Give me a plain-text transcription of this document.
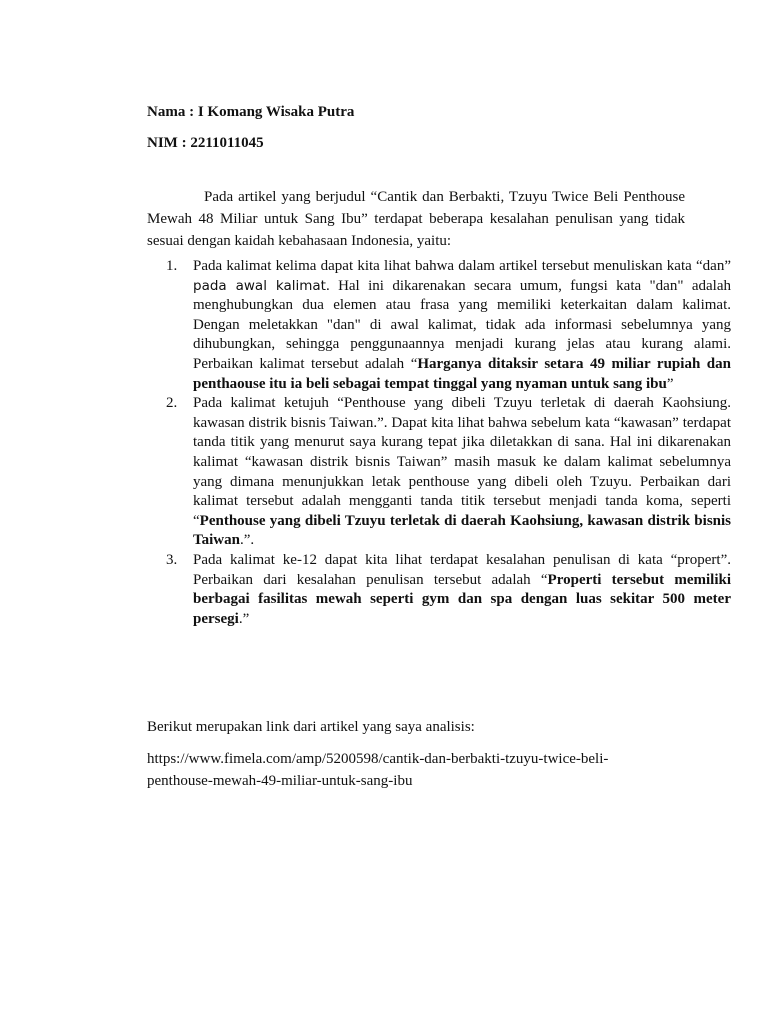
Nama : I Komang Wisaka Putra
NIM : 2211011045

Pada artikel yang berjudul “Cantik dan Berbakti, Tzuyu Twice Beli Penthouse Mewah 48 Miliar untuk Sang Ibu” terdapat beberapa kesalahan penulisan yang tidak sesuai dengan kaidah kebahasaan Indonesia, yaitu:

1. Pada kalimat kelima dapat kita lihat bahwa dalam artikel tersebut menuliskan kata “dan” pada awal kalimat. Hal ini dikarenakan secara umum, fungsi kata "dan" adalah menghubungkan dua elemen atau frasa yang memiliki keterkaitan dalam kalimat. Dengan meletakkan "dan" di awal kalimat, tidak ada informasi sebelumnya yang dihubungkan, sehingga penggunaannya menjadi kurang jelas atau kurang alami. Perbaikan kalimat tersebut adalah “Harganya ditaksir setara 49 miliar rupiah dan penthaouse itu ia beli sebagai tempat tinggal yang nyaman untuk sang ibu”
2. Pada kalimat ketujuh “Penthouse yang dibeli Tzuyu terletak di daerah Kaohsiung. kawasan distrik bisnis Taiwan.”. Dapat kita lihat bahwa sebelum kata “kawasan” terdapat tanda titik yang menurut saya kurang tepat jika diletakkan di sana. Hal ini dikarenakan kalimat “kawasan distrik bisnis Taiwan” masih masuk ke dalam kalimat sebelumnya yang dimana menunjukkan letak penthouse yang dibeli oleh Tzuyu. Perbaikan dari kalimat tersebut adalah mengganti tanda titik tersebut menjadi tanda koma, seperti “Penthouse yang dibeli Tzuyu terletak di daerah Kaohsiung, kawasan distrik bisnis Taiwan.”.
3. Pada kalimat ke-12 dapat kita lihat terdapat kesalahan penulisan di kata “propert”. Perbaikan dari kesalahan penulisan tersebut adalah “Properti tersebut memiliki berbagai fasilitas mewah seperti gym dan spa dengan luas sekitar 500 meter persegi.”
Berikut merupakan link dari artikel yang saya analisis:
https://www.fimela.com/amp/5200598/cantik-dan-berbakti-tzuyu-twice-beli-penthouse-mewah-49-miliar-untuk-sang-ibu
